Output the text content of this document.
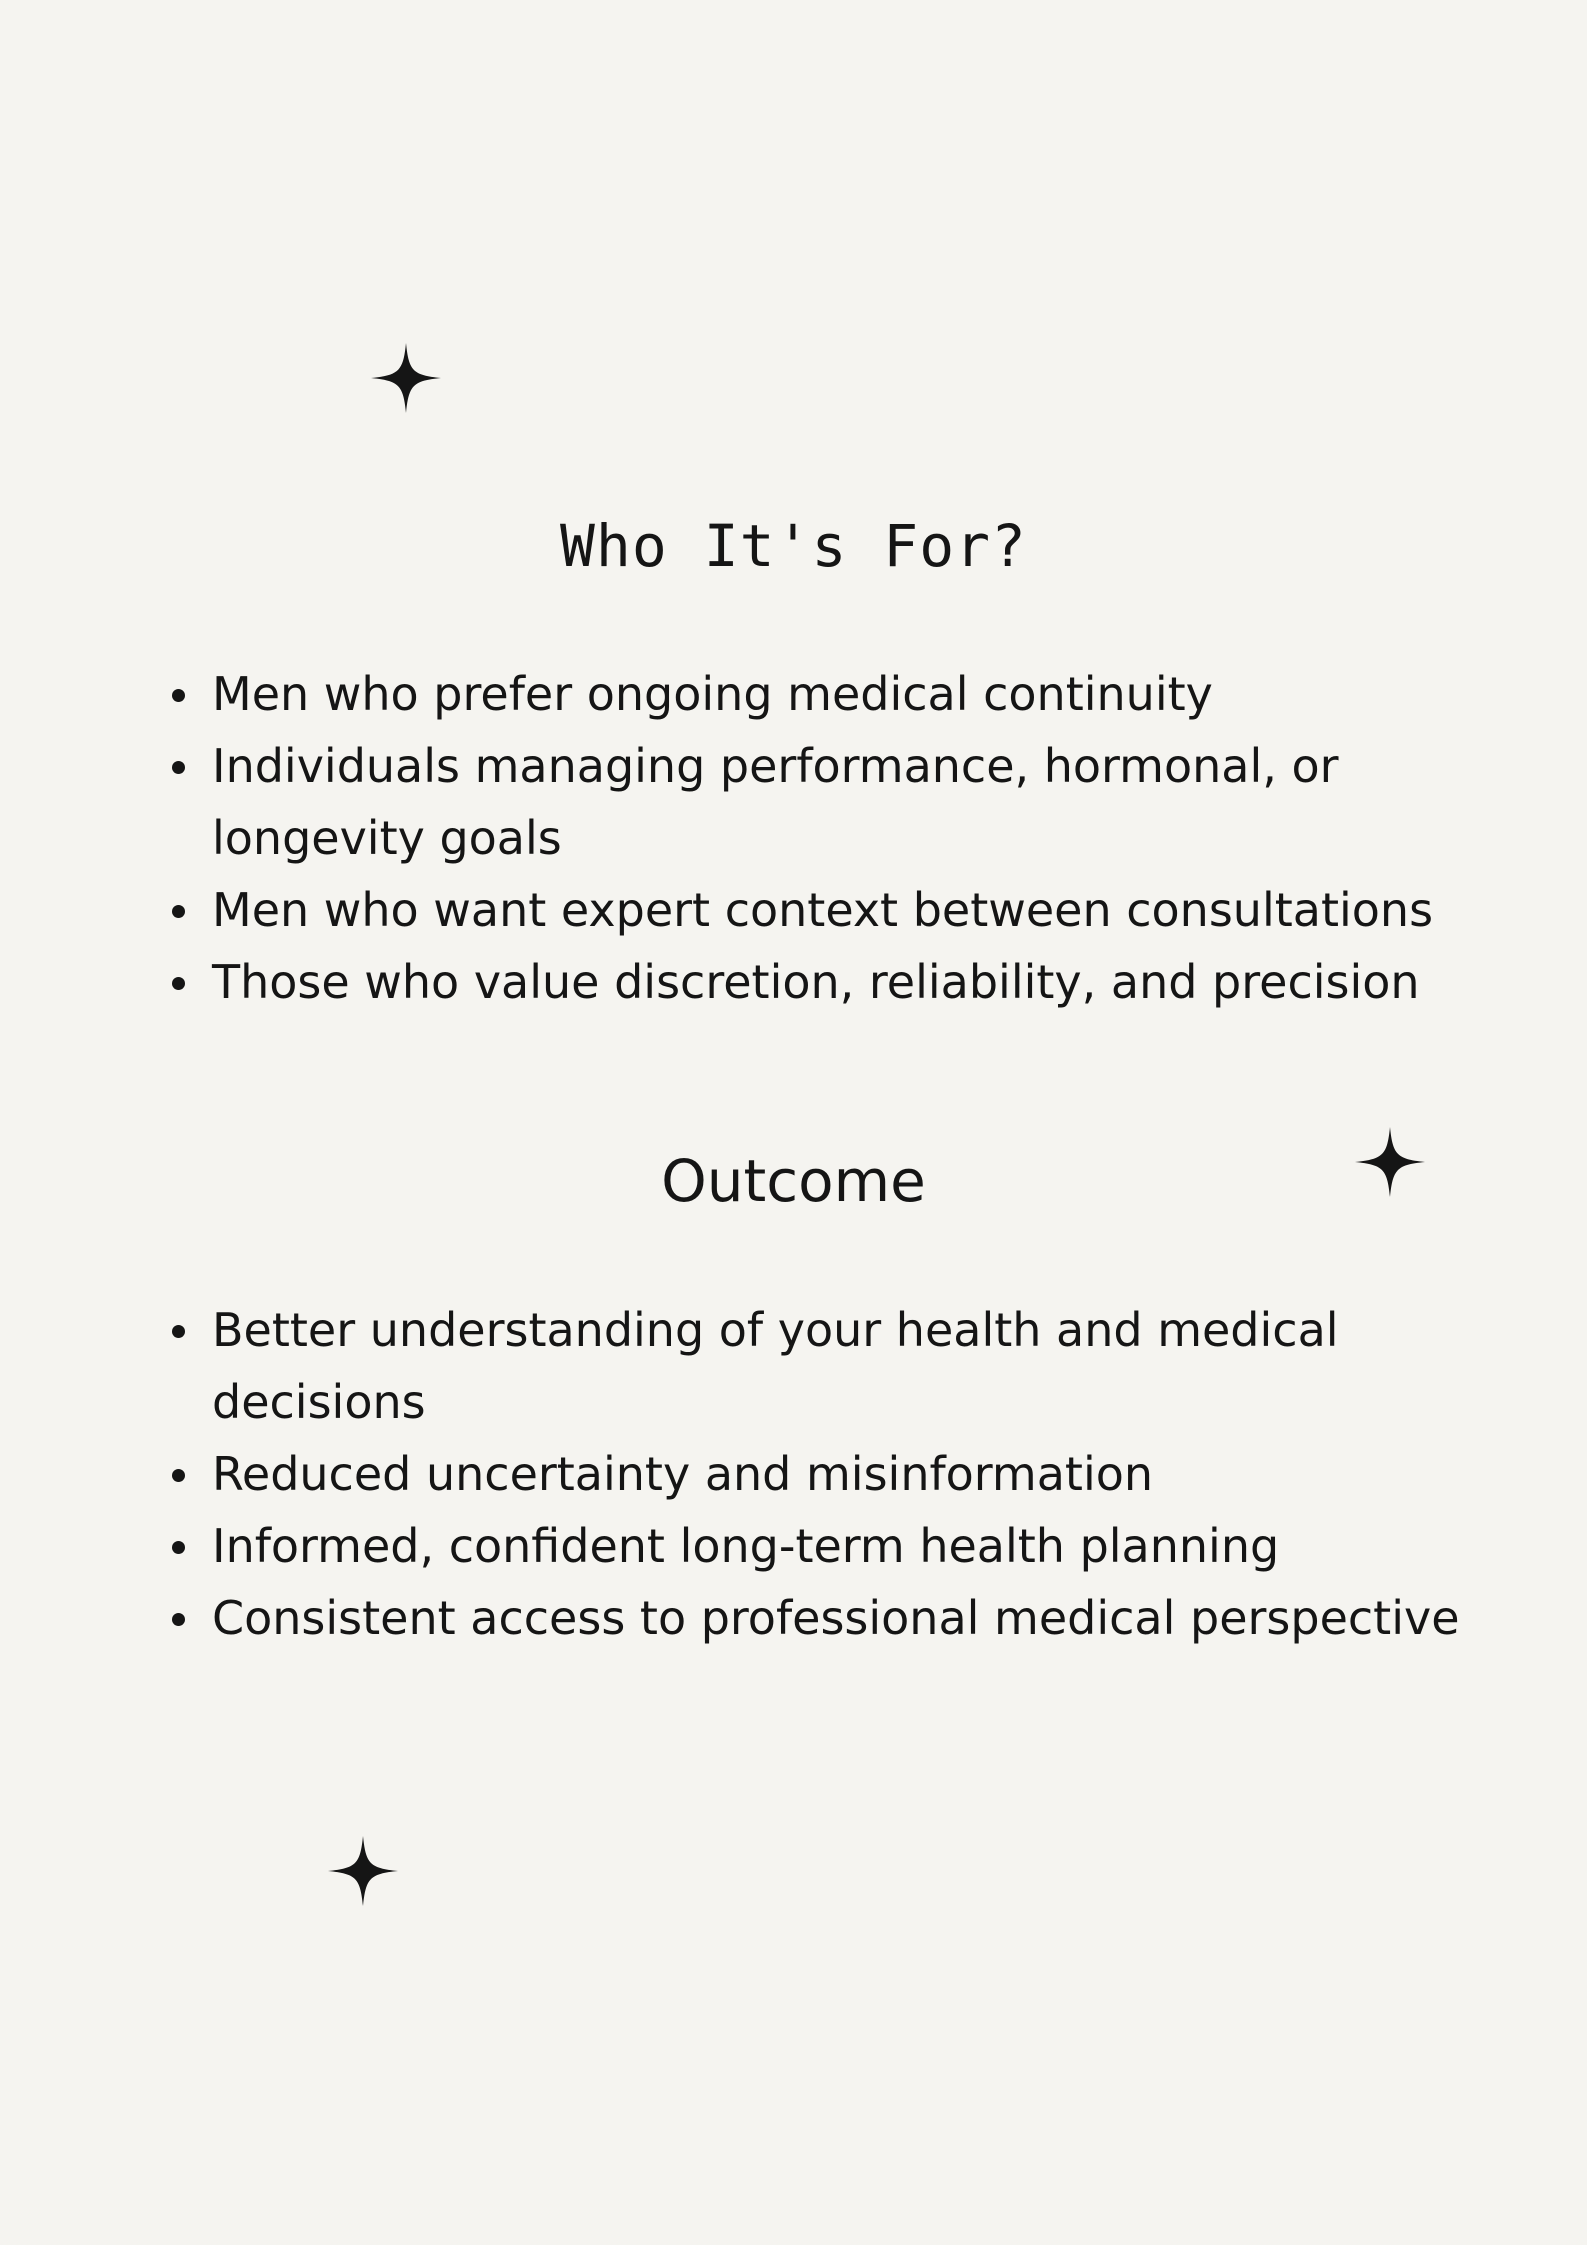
Who It's For?
Men who prefer ongoing medical continuity
Individuals managing performance, hormonal, or longevity goals
Men who want expert context between consultations
Those who value discretion, reliability, and precision
Outcome
Better understanding of your health and medical decisions
Reduced uncertainty and misinformation
Informed, confident long-term health planning
Consistent access to professional medical perspective
